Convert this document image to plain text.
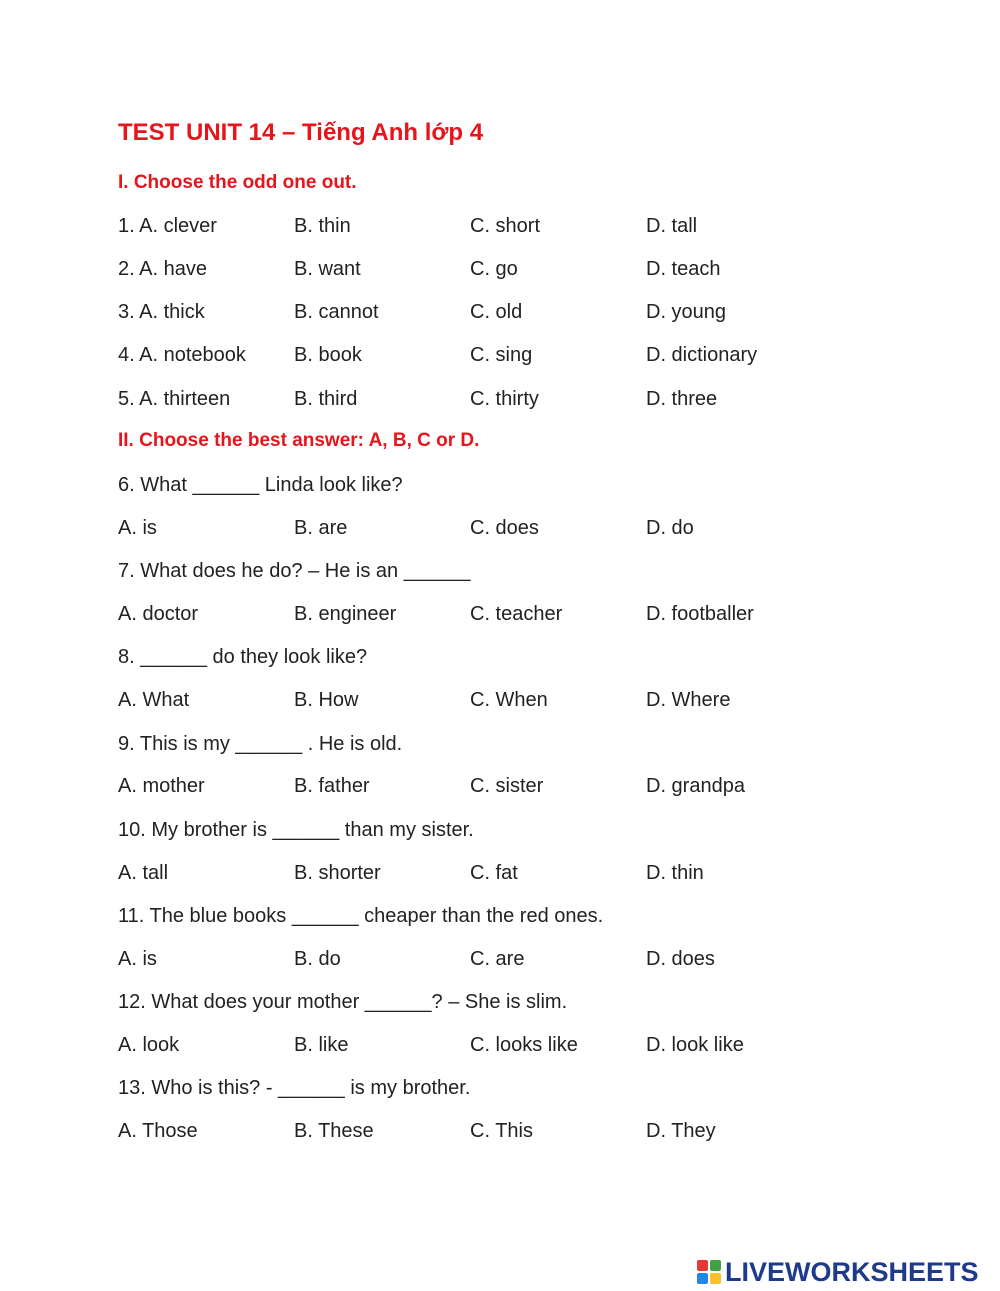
TEST UNIT 14 – Tiếng Anh lớp 4
I. Choose the odd one out.
1. A. clever	B. thin	C. short	D. tall
2. A. have	B. want	C. go	D. teach
3. A. thick	B. cannot	C. old	D. young
4. A. notebook B. book	C. sing	D. dictionary
5. A. thirteen	B. third	C. thirty	D. three
II. Choose the best answer: A, B, C or D.
6. What ______ Linda look like?
A. is	B. are	C. does	D. do
7. What does he do? – He is an ______
A. doctor	B. engineer	C. teacher	D. footballer
8. ______ do they look like?
A. What	B. How	C. When	D. Where
9. This is my ______ . He is old.
A. mother	B. father	C. sister	D. grandpa
10. My brother is ______ than my sister.
A. tall	B. shorter	C. fat	D. thin
11. The blue books ______ cheaper than the red ones.
A. is	B. do	C. are	D. does
12. What does your mother ______? – She is slim.
A. look	B. like	C. looks like	D. look like
13. Who is this? - ______ is my brother.
A. Those	B. These	C. This	D. They
LIVEWORKSHEETS
